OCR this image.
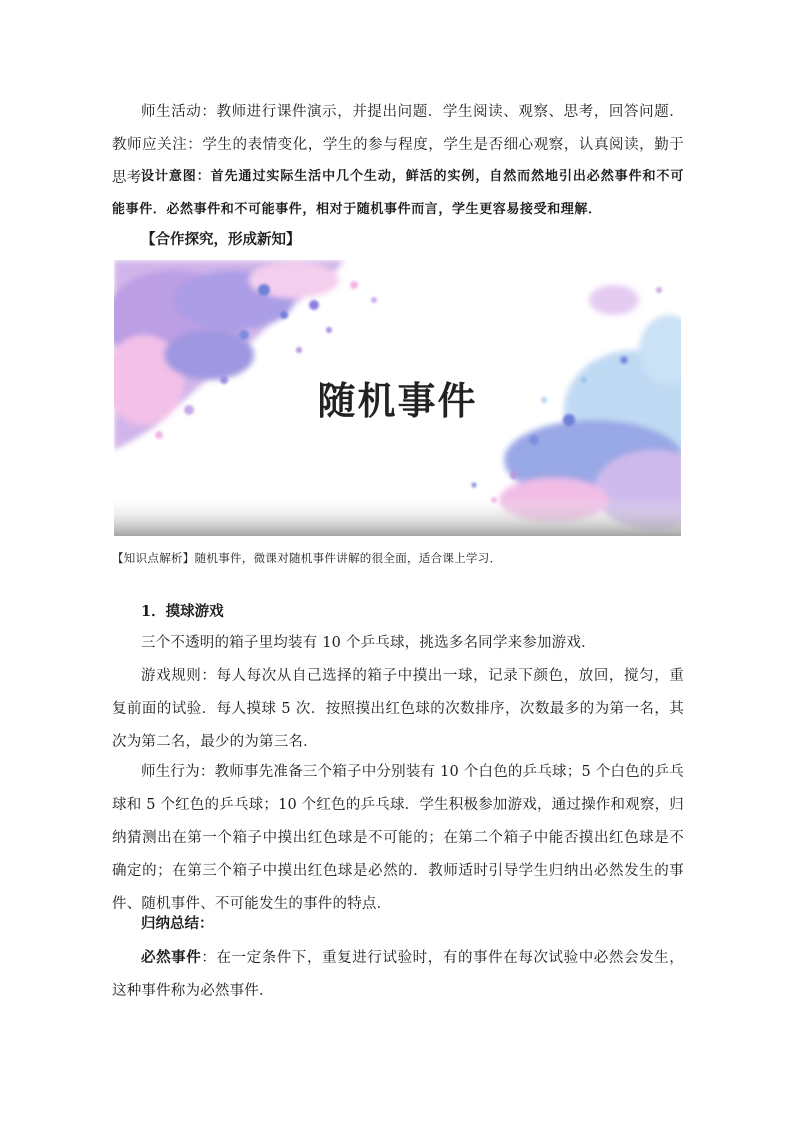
师生活动：教师进行课件演示，并提出问题．学生阅读、观察、思考，回答问题．教师应关注：学生的表情变化，学生的参与程度，学生是否细心观察，认真阅读，勤于思考．

设计意图：首先通过实际生活中几个生动，鲜活的实例，自然而然地引出必然事件和不可能事件．必然事件和不可能事件，相对于随机事件而言，学生更容易接受和理解．

【合作探究，形成新知】

随机事件

【知识点解析】随机事件，微课对随机事件讲解的很全面，适合课上学习．

1．摸球游戏

三个不透明的箱子里均装有 10 个乒乓球，挑选多名同学来参加游戏．

游戏规则：每人每次从自己选择的箱子中摸出一球，记录下颜色，放回，搅匀，重复前面的试验．每人摸球 5 次．按照摸出红色球的次数排序，次数最多的为第一名，其次为第二名，最少的为第三名．

师生行为：教师事先准备三个箱子中分别装有 10 个白色的乒乓球；5 个白色的乒乓球和 5 个红色的乒乓球；10 个红色的乒乓球．学生积极参加游戏，通过操作和观察，归纳猜测出在第一个箱子中摸出红色球是不可能的；在第二个箱子中能否摸出红色球是不确定的；在第三个箱子中摸出红色球是必然的．教师适时引导学生归纳出必然发生的事件、随机事件、不可能发生的事件的特点．

归纳总结：

必然事件：在一定条件下，重复进行试验时，有的事件在每次试验中必然会发生，这种事件称为必然事件．
